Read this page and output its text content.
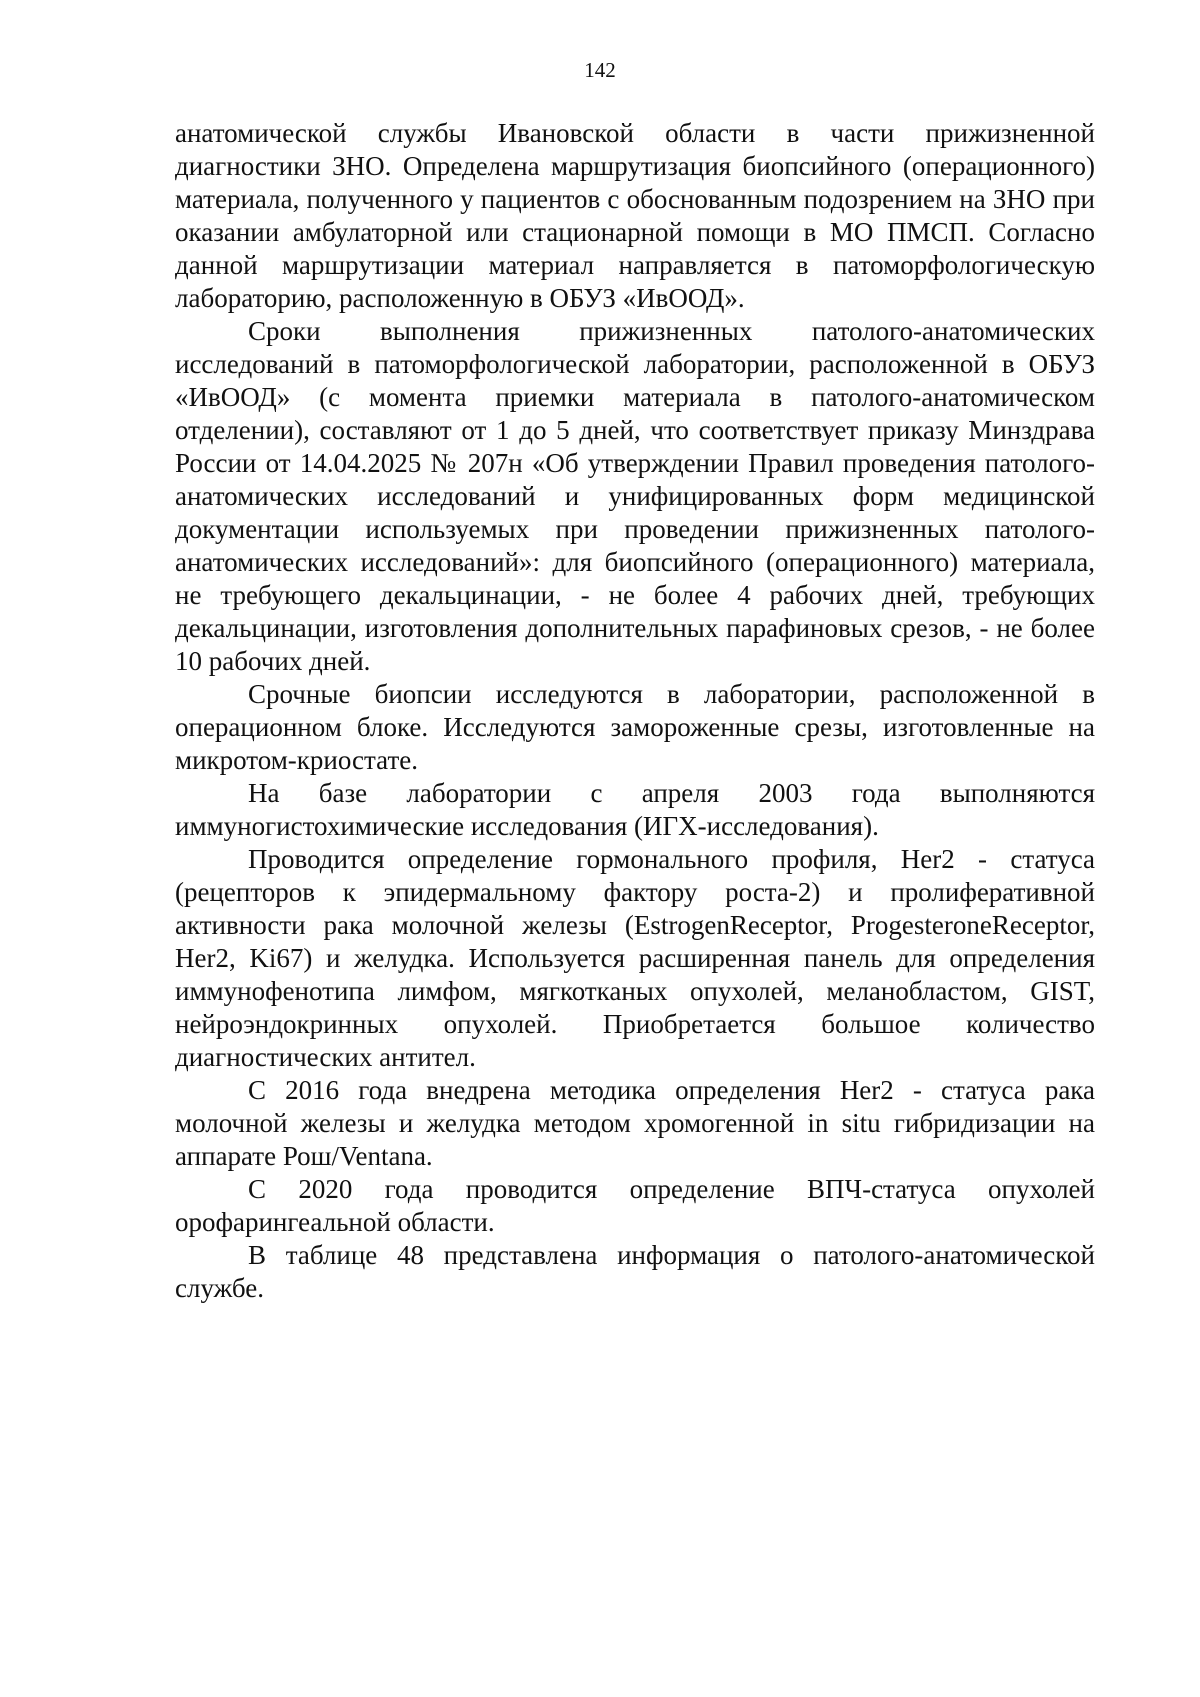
142

анатомической службы Ивановской области в части прижизненной диагностики ЗНО. Определена маршрутизация биопсийного (операционного) материала, полученного у пациентов с обоснованным подозрением на ЗНО при оказании амбулаторной или стационарной помощи в МО ПМСП. Согласно данной маршрутизации материал направляется в патоморфологическую лабораторию, расположенную в ОБУЗ «ИвООД».

Сроки выполнения прижизненных патолого-анатомических исследований в патоморфологической лаборатории, расположенной в ОБУЗ «ИвООД» (с момента приемки материала в патолого-анатомическом отделении), составляют от 1 до 5 дней, что соответствует приказу Минздрава России от 14.04.2025 № 207н «Об утверждении Правил проведения патолого-анатомических исследований и унифицированных форм медицинской документации используемых при проведении прижизненных патолого-анатомических исследований»: для биопсийного (операционного) материала, не требующего декальцинации, - не более 4 рабочих дней, требующих декальцинации, изготовления дополнительных парафиновых срезов, - не более 10 рабочих дней.

Срочные биопсии исследуются в лаборатории, расположенной в операционном блоке. Исследуются замороженные срезы, изготовленные на микротом-криостате.

На базе лаборатории с апреля 2003 года выполняются иммуногистохимические исследования (ИГХ-исследования).

Проводится определение гормонального профиля, Her2 - статуса (рецепторов к эпидермальному фактору роста-2) и пролиферативной активности рака молочной железы (EstrogenReceptor, ProgesteroneReceptor, Her2, Ki67) и желудка. Используется расширенная панель для определения иммунофенотипа лимфом, мягкотканых опухолей, меланобластом, GIST, нейроэндокринных опухолей. Приобретается большое количество диагностических антител.

С 2016 года внедрена методика определения Her2 - статуса рака молочной железы и желудка методом хромогенной in situ гибридизации на аппарате Рош/Ventana.

С 2020 года проводится определение ВПЧ-статуса опухолей орофарингеальной области.

В таблице 48 представлена информация о патолого-анатомической службе.
